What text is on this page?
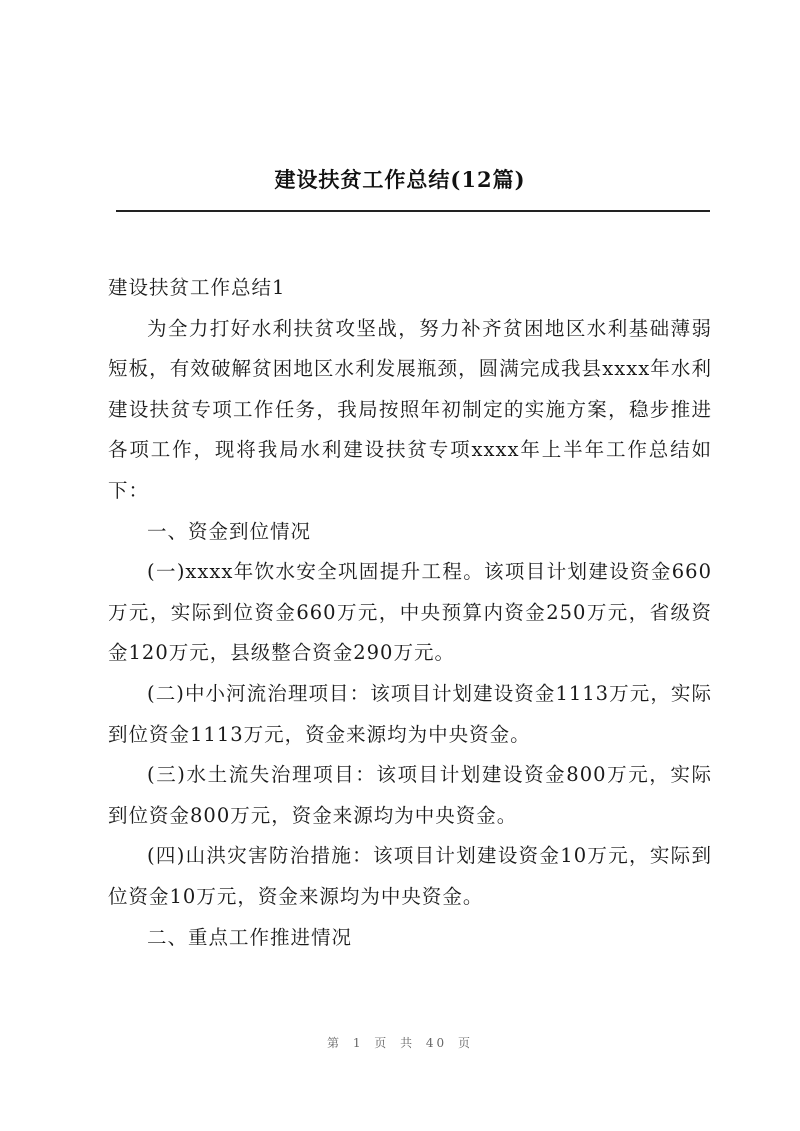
建设扶贫工作总结(12篇)

建设扶贫工作总结1

为全力打好水利扶贫攻坚战，努力补齐贫困地区水利基础薄弱短板，有效破解贫困地区水利发展瓶颈，圆满完成我县xxxx年水利建设扶贫专项工作任务，我局按照年初制定的实施方案，稳步推进各项工作，现将我局水利建设扶贫专项xxxx年上半年工作总结如下：

一、资金到位情况

(一)xxxx年饮水安全巩固提升工程。该项目计划建设资金660万元，实际到位资金660万元，中央预算内资金250万元，省级资金120万元，县级整合资金290万元。

(二)中小河流治理项目：该项目计划建设资金1113万元，实际到位资金1113万元，资金来源均为中央资金。

(三)水土流失治理项目：该项目计划建设资金800万元，实际到位资金800万元，资金来源均为中央资金。

(四)山洪灾害防治措施：该项目计划建设资金10万元，实际到位资金10万元，资金来源均为中央资金。

二、重点工作推进情况

第 1 页 共 40 页
